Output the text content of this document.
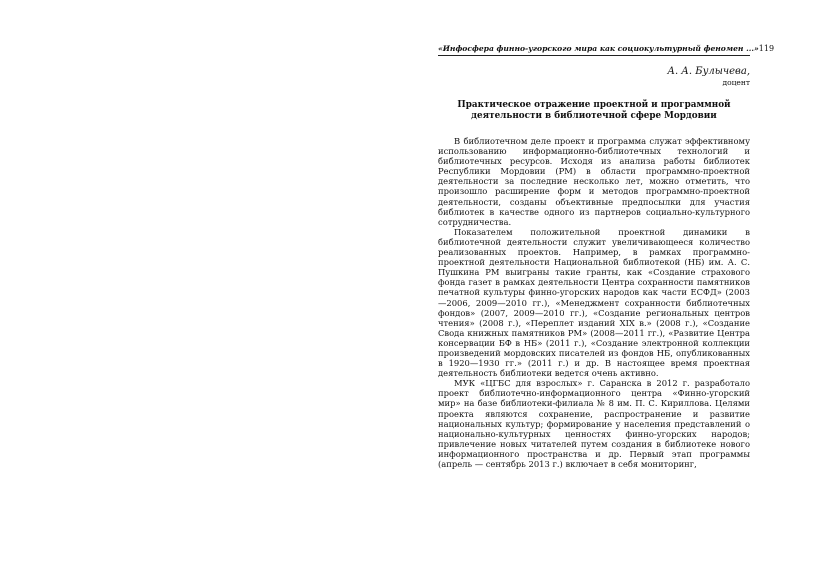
«Инфосфера финно-угорского мира как социокультурный феномен ...» 119
А. А. Булычева,
доцент
Практическое отражение проектной и программной деятельности в библиотечной сфере Мордовии

В библиотечном деле проект и программа служат эффективному использованию информационно-библиотечных технологий и библиотечных ресурсов. Исходя из анализа работы библиотек Республики Мордовии (РМ) в области программно-проектной деятельности за последние несколько лет, можно отметить, что произошло расширение форм и методов программно-проектной деятельности, созданы объективные предпосылки для участия библиотек в качестве одного из партнеров социально-культурного сотрудничества.

Показателем положительной проектной динамики в библиотечной деятельности служит увеличивающееся количество реализованных проектов. Например, в рамках программно-проектной деятельности Национальной библиотекой (НБ) им. А. С. Пушкина РМ выиграны такие гранты, как «Создание страхового фонда газет в рамках деятельности Центра сохранности памятников печатной культуры финно-угорских народов как части ЕСФД» (2003—2006, 2009—2010 гг.), «Менеджмент сохранности библиотечных фондов» (2007, 2009—2010 гг.), «Создание региональных центров чтения» (2008 г.), «Переплет изданий XIX в.» (2008 г.), «Создание Свода книжных памятников РМ» (2008—2011 гг.), «Развитие Центра консервации БФ в НБ» (2011 г.), «Создание электронной коллекции произведений мордовских писателей из фондов НБ, опубликованных в 1920—1930 гг.» (2011 г.) и др. В настоящее время проектная деятельность библиотеки ведется очень активно.

МУК «ЦГБС для взрослых» г. Саранска в 2012 г. разработало проект библиотечно-информационного центра «Финно-угорский мир» на базе библиотеки-филиала № 8 им. П. С. Кириллова. Целями проекта являются сохранение, распространение и развитие национальных культур; формирование у населения представлений о национально-культурных ценностях финно-угорских народов; привлечение новых читателей путем создания в библиотеке нового информационного пространства и др. Первый этап программы (апрель — сентябрь 2013 г.) включает в себя мониторинг,
